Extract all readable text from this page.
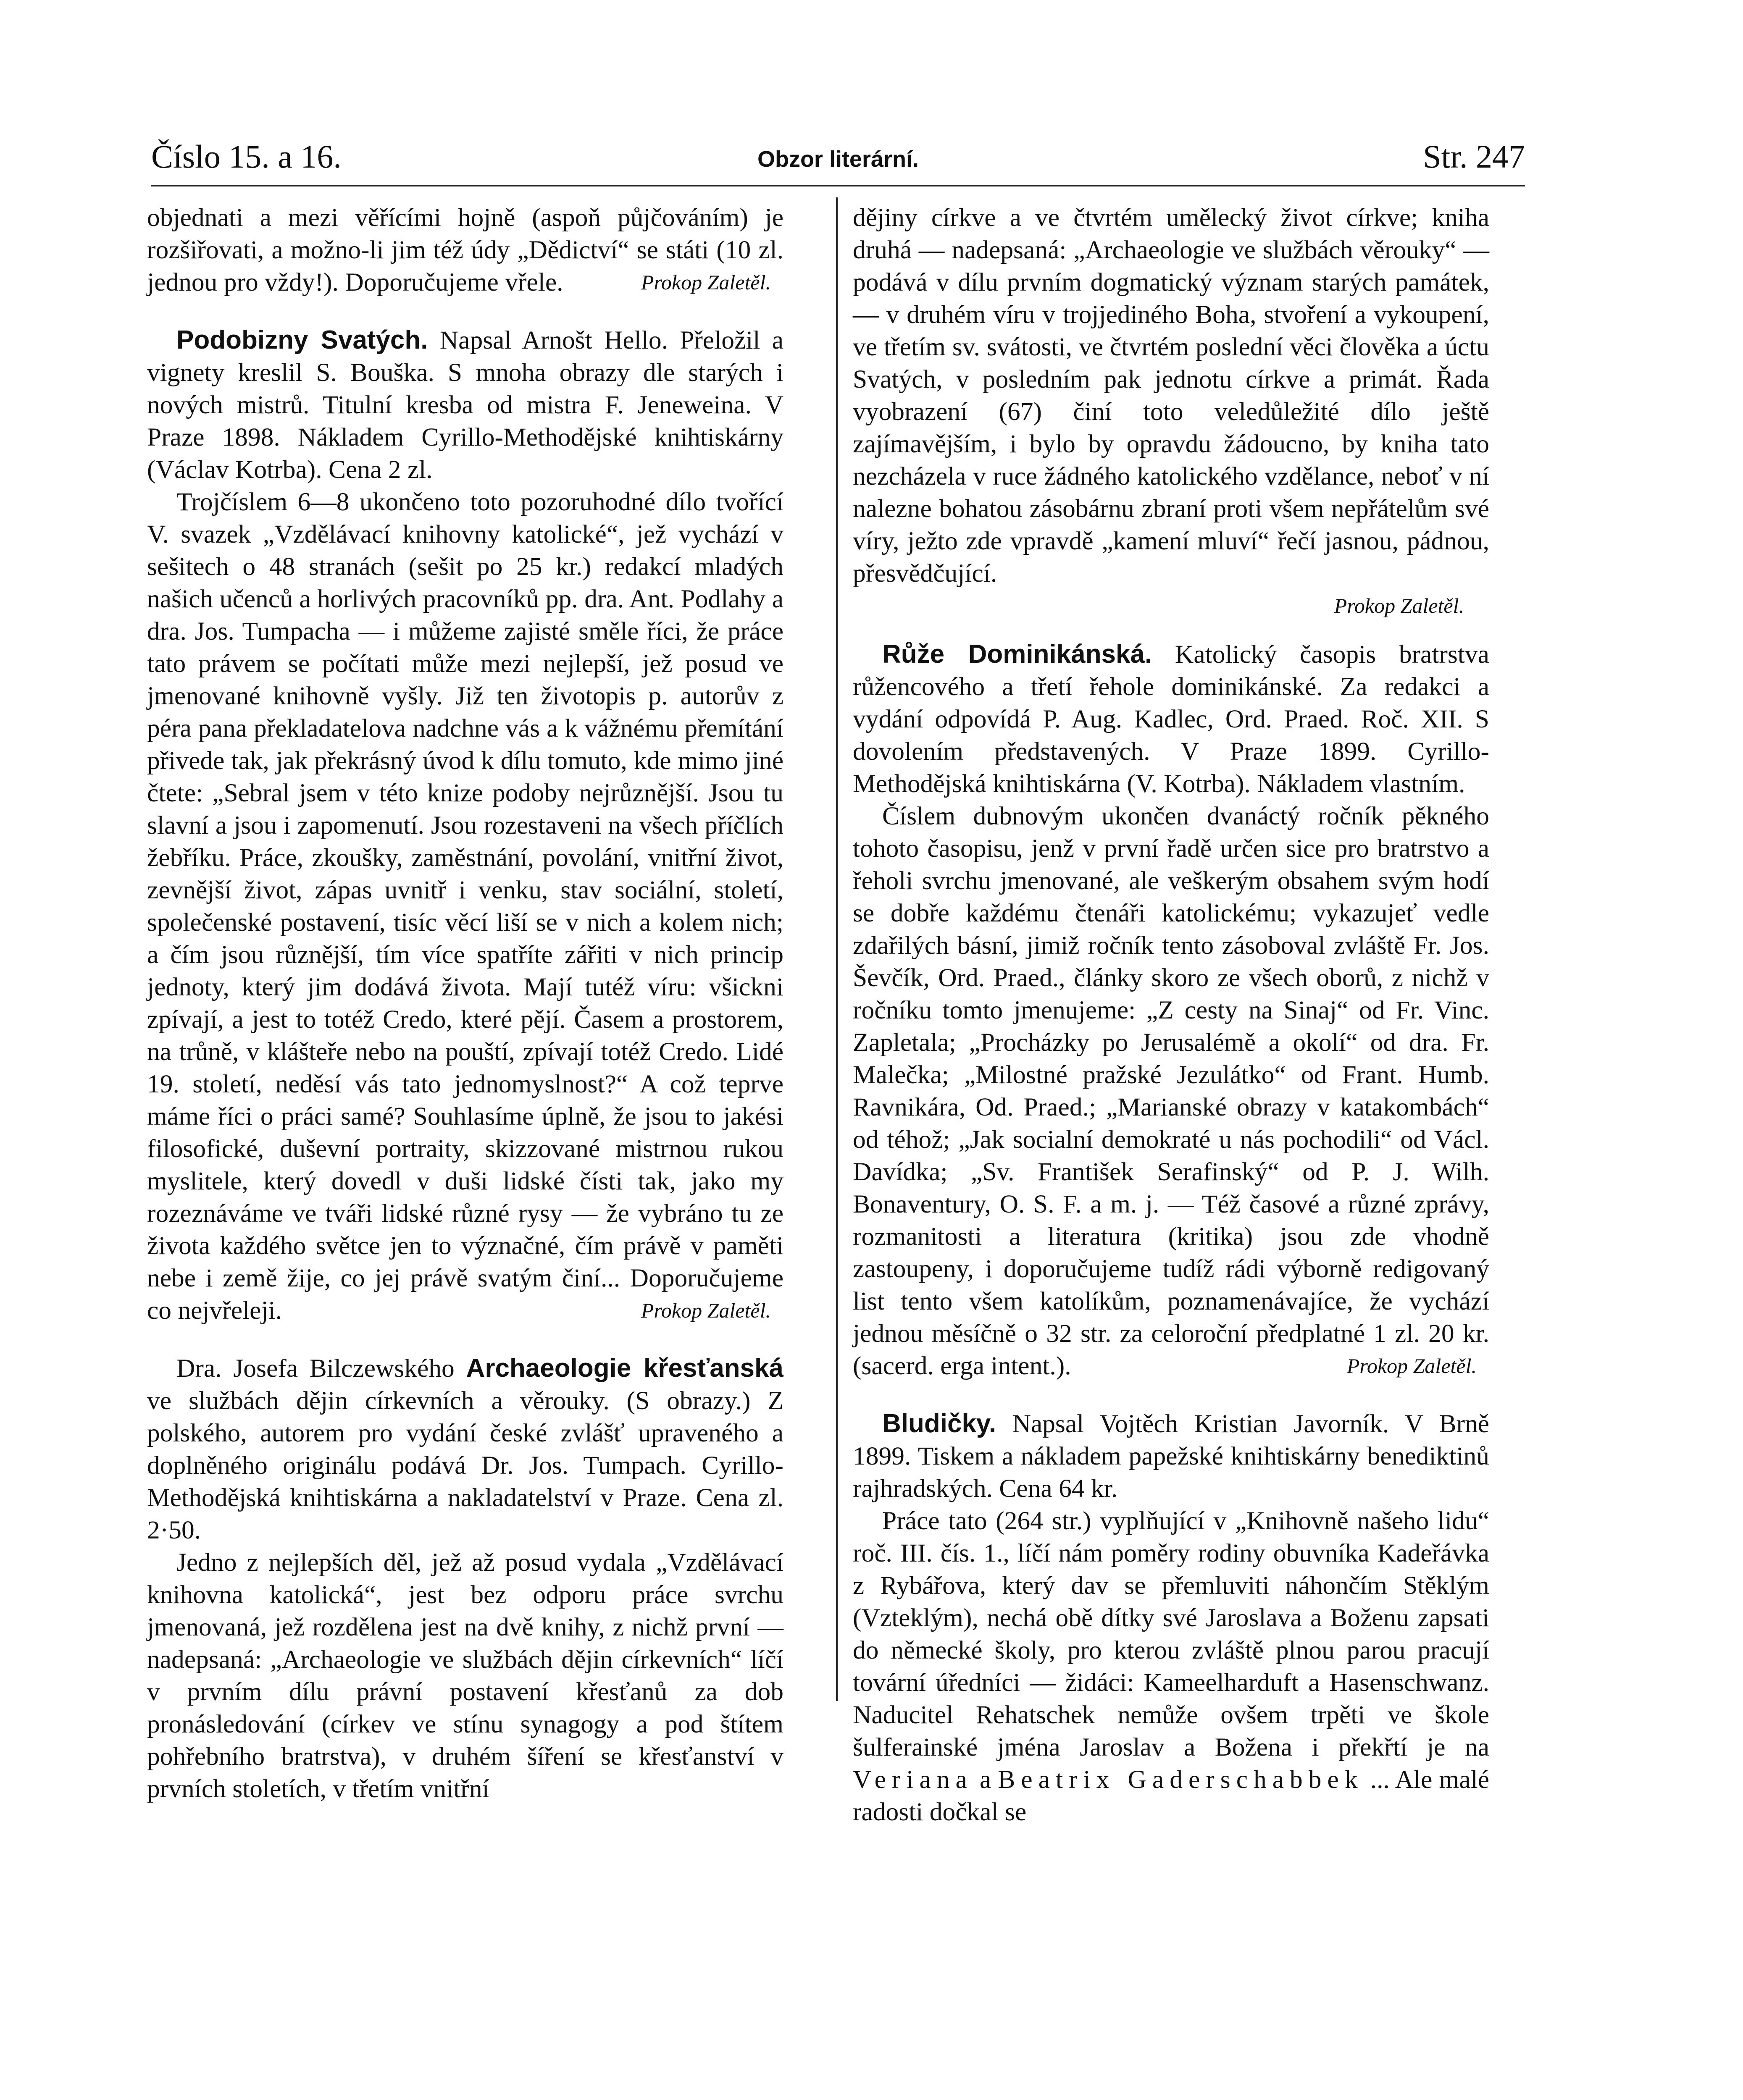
Číslo 15. a 16.	Obzor literární.	Str. 247

objednati a mezi věřícími hojně (aspoň půjčováním) je rozšiřovati, a možno-li jim též údy „Dědictví“ se státi (10 zl. jednou pro vždy!). Doporučujeme vřele.	Prokop Zaletěl.

Podobizny Svatých. Napsal Arnošt Hello. Přeložil a vignety kreslil S. Bouška. S mnoha obrazy dle starých i nových mistrů. Titulní kresba od mistra F. Jeneweina. V Praze 1898. Nákladem Cyrillo-Methodějské knihtiskárny (Václav Kotrba). Cena 2 zl.

Trojčíslem 6—8 ukončeno toto pozoruhodné dílo tvořící V. svazek „Vzdělávací knihovny katolické“, jež vychází v sešitech o 48 stranách (sešit po 25 kr.) redakcí mladých našich učenců a horlivých pracovníků pp. dra. Ant. Podlahy a dra. Jos. Tumpacha — i můžeme zajisté směle říci, že práce tato právem se počítati může mezi nejlepší, jež posud ve jmenované knihovně vyšly. Již ten životopis p. autorův z péra pana překladatelova nadchne vás a k vážnému přemítání přivede tak, jak překrásný úvod k dílu tomuto, kde mimo jiné čtete: „Sebral jsem v této knize podoby nejrůznější. Jsou tu slavní a jsou i zapomenutí. Jsou rozestaveni na všech příčlích žebříku. Práce, zkoušky, zaměstnání, povolání, vnitřní život, zevnější život, zápas uvnitř i venku, stav sociální, století, společenské postavení, tisíc věcí liší se v nich a kolem nich; a čím jsou různější, tím více spatříte zářiti v nich princip jednoty, který jim dodává života. Mají tutéž víru: všickni zpívají, a jest to totéž Credo, které pějí. Časem a prostorem, na trůně, v klášteře nebo na pouští, zpívají totéž Credo. Lidé 19. století, neděsí vás tato jednomyslnost?“ A což teprve máme říci o práci samé? Souhlasíme úplně, že jsou to jakési filosofické, duševní portraity, skizzované mistrnou rukou myslitele, který dovedl v duši lidské čísti tak, jako my rozeznáváme ve tváři lidské různé rysy — že vybráno tu ze života každého světce jen to význačné, čím právě v paměti nebe i země žije, co jej právě svatým činí... Doporučujeme co nejvřeleji.	Prokop Zaletěl.

Dra. Josefa Bilczewského Archaeologie křesťanská ve službách dějin církevních a věrouky. (S obrazy.) Z polského, autorem pro vydání české zvlášť upraveného a doplněného originálu podává Dr. Jos. Tumpach. Cyrillo-Methodějská knihtiskárna a nakladatelství v Praze. Cena zl. 2·50.

Jedno z nejlepších děl, jež až posud vydala „Vzdělávací knihovna katolická“, jest bez odporu práce svrchu jmenovaná, jež rozdělena jest na dvě knihy, z nichž první — nadepsaná: „Archaeologie ve službách dějin církevních“ líčí v prvním dílu právní postavení křesťanů za dob pronásledování (církev ve stínu synagogy a pod štítem pohřebního bratrstva), v druhém šíření se křesťanství v prvních stoletích, v třetím vnitřní

dějiny církve a ve čtvrtém umělecký život církve; kniha druhá — nadepsaná: „Archaeologie ve službách věrouky“ — podává v dílu prvním dogmatický význam starých památek, — v druhém víru v trojjediného Boha, stvoření a vykoupení, ve třetím sv. svátosti, ve čtvrtém poslední věci člověka a úctu Svatých, v posledním pak jednotu církve a primát. Řada vyobrazení (67) činí toto veledůležité dílo ještě zajímavějším, i bylo by opravdu žádoucno, by kniha tato nezcházela v ruce žádného katolického vzdělance, neboť v ní nalezne bohatou zásobárnu zbraní proti všem nepřátelům své víry, ježto zde vpravdě „kamení mluví“ řečí jasnou, pádnou, přesvědčující.

Prokop Zaletěl.

Růže Dominikánská. Katolický časopis bratrstva růžencového a třetí řehole dominikánské. Za redakci a vydání odpovídá P. Aug. Kadlec, Ord. Praed. Roč. XII. S dovolením představených. V Praze 1899. Cyrillo-Methodějská knihtiskárna (V. Kotrba). Nákladem vlastním.

Číslem dubnovým ukončen dvanáctý ročník pěkného tohoto časopisu, jenž v první řadě určen sice pro bratrstvo a řeholi svrchu jmenované, ale veškerým obsahem svým hodí se dobře každému čtenáři katolickému; vykazujeť vedle zdařilých básní, jimiž ročník tento zásoboval zvláště Fr. Jos. Ševčík, Ord. Praed., články skoro ze všech oborů, z nichž v ročníku tomto jmenujeme: „Z cesty na Sinaj“ od Fr. Vinc. Zapletala; „Procházky po Jerusalémě a okolí“ od dra. Fr. Malečka; „Milostné pražské Jezulátko“ od Frant. Humb. Ravnikára, Od. Praed.; „Marianské obrazy v katakombách“ od téhož; „Jak socialní demokraté u nás pochodili“ od Václ. Davídka; „Sv. František Serafinský“ od P. J. Wilh. Bonaventury, O. S. F. a m. j. — Též časové a různé zprávy, rozmanitosti a literatura (kritika) jsou zde vhodně zastoupeny, i doporučujeme tudíž rádi výborně redigovaný list tento všem katolíkům, poznamenávajíce, že vychází jednou měsíčně o 32 str. za celoroční předplatné 1 zl. 20 kr. (sacerd. erga intent.).	Prokop Zaletěl.

Bludičky. Napsal Vojtěch Kristian Javorník. V Brně 1899. Tiskem a nákladem papežské knihtiskárny benediktinů rajhradských. Cena 64 kr.

Práce tato (264 str.) vyplňující v „Knihovně našeho lidu“ roč. III. čís. 1., líčí nám poměry rodiny obuvníka Kadeřávka z Rybářova, který dav se přemluviti náhončím Stěklým (Vzteklým), nechá obě dítky své Jaroslava a Boženu zapsati do německé školy, pro kterou zvláště plnou parou pracují tovární úředníci — židáci: Kameelharduft a Hasenschwanz. Naducitel Rehatschek nemůže ovšem trpěti ve škole šulferainské jména Jaroslav a Božena i překřtí je na Veriana a Beatrix Gaderschabbek ... Ale malé radosti dočkal se
